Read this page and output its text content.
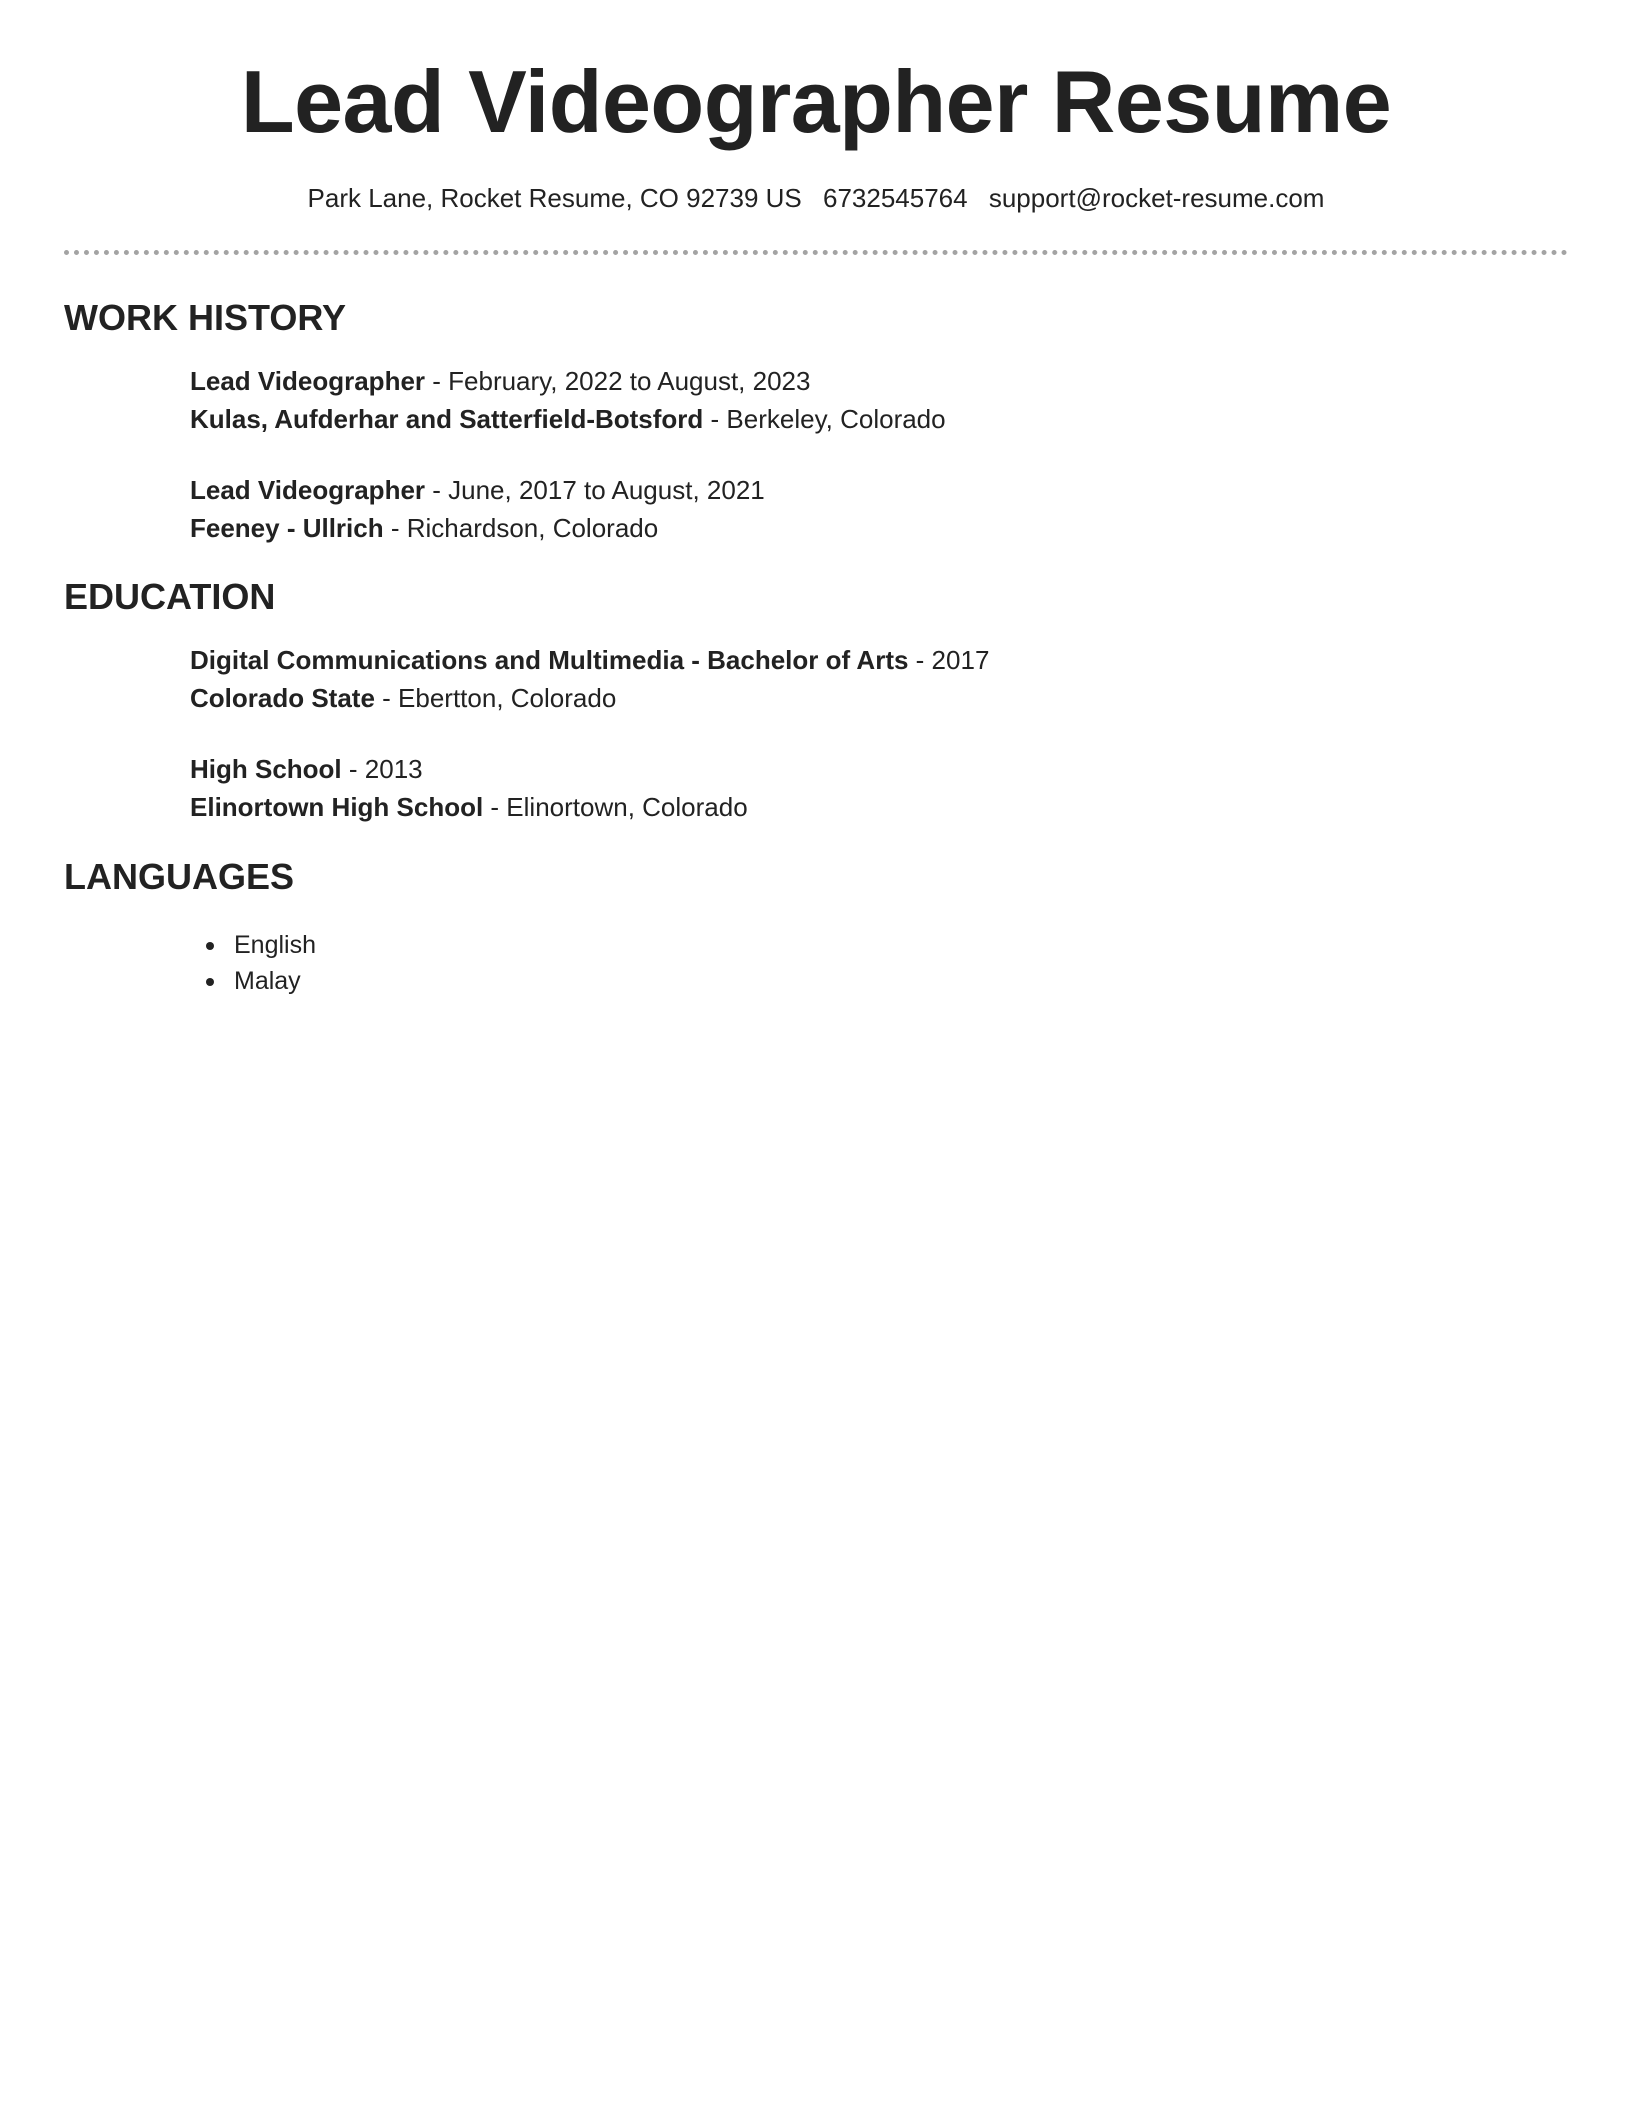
Lead Videographer Resume
Park Lane, Rocket Resume, CO 92739 US 6732545764 support@rocket-resume.com
WORK HISTORY
Lead Videographer - February, 2022 to August, 2023
Kulas, Aufderhar and Satterfield-Botsford - Berkeley, Colorado
Lead Videographer - June, 2017 to August, 2021
Feeney - Ullrich - Richardson, Colorado
EDUCATION
Digital Communications and Multimedia - Bachelor of Arts - 2017
Colorado State - Ebertton, Colorado
High School - 2013
Elinortown High School - Elinortown, Colorado
LANGUAGES
English
Malay
